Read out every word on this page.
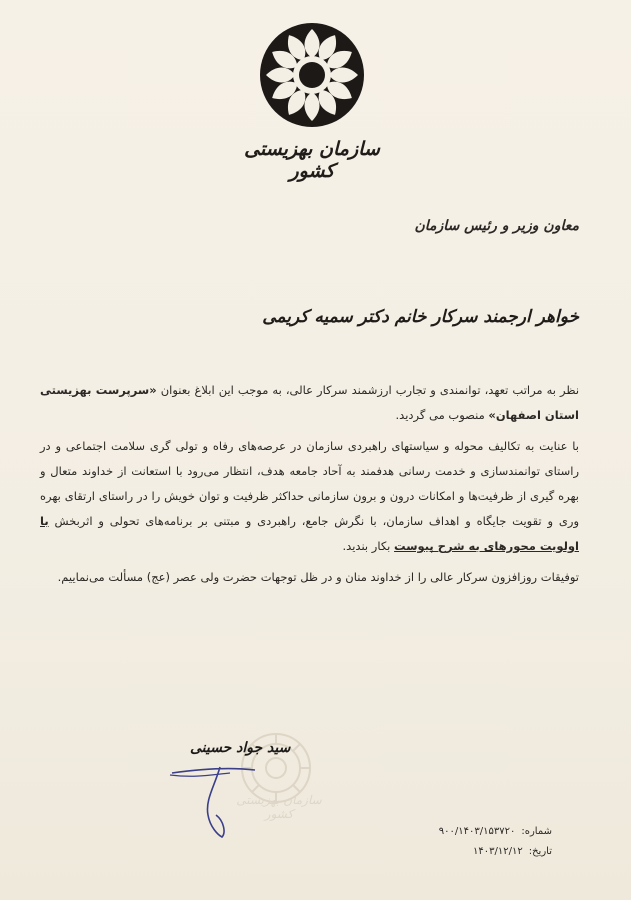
سازمان بهزیستی کشور
معاون وزیر و رئیس سازمان
خواهر ارجمند سرکار خانم دکتر سمیه کریمی

نظر به مراتب تعهد، توانمندی و تجارب ارزشمند سرکار عالی، به موجب این ابلاغ بعنوان «سرپرست بهزیستی استان اصفهان» منصوب می گردید.

با عنایت به تکالیف محوله و سیاستهای راهبردی سازمان در عرصه‌های رفاه و تولی گری سلامت اجتماعی و در راستای توانمندسازی و خدمت رسانی هدفمند به آحاد جامعه هدف، انتظار می‌رود با استعانت از خداوند متعال و بهره گیری از ظرفیت‌ها و امکانات درون و برون سازمانی حداکثر ظرفیت و توان خویش را در راستای ارتقای بهره وری و تقویت جایگاه و اهداف سازمان، با نگرش جامع، راهبردی و مبتنی بر برنامه‌های تحولی و اثربخش با اولویت محورهای به شرح پیوست بکار بندید.

توفیقات روزافزون سرکار عالی را از خداوند منان و در ظل توجهات حضرت ولی عصر (عج) مسألت می‌نماییم.

سازمان بهزیستی کشور
سید جواد حسینی
شماره:
۹۰۰/۱۴۰۳/۱۵۳۷۲۰
تاریخ:
۱۴۰۳/۱۲/۱۲
